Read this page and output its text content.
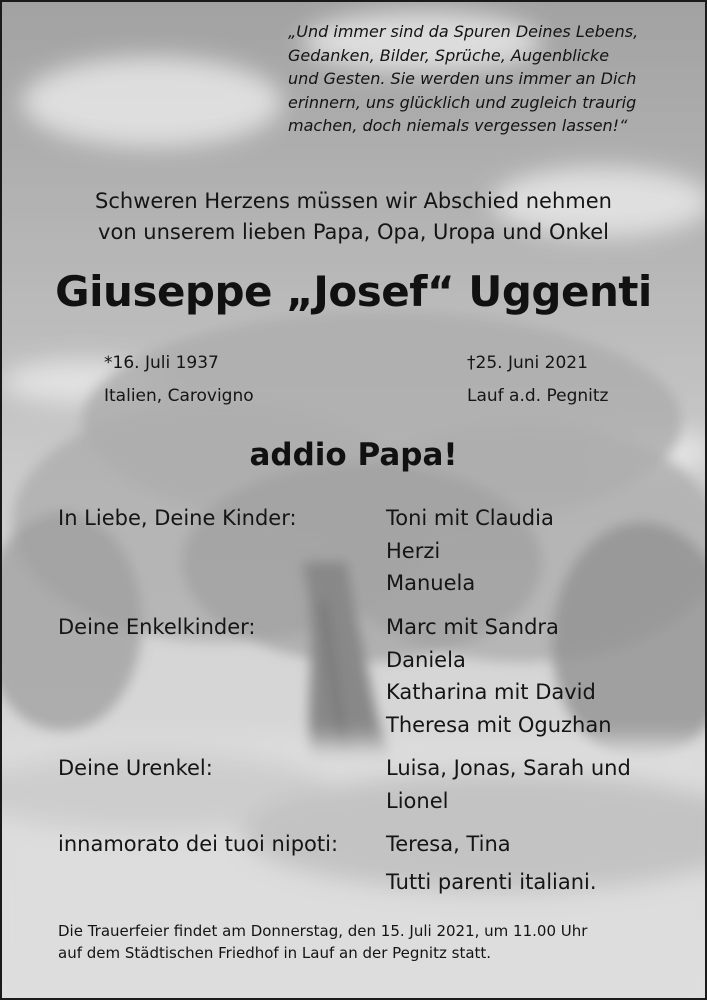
„Und immer sind da Spuren Deines Lebens,
Gedanken, Bilder, Sprüche, Augenblicke
und Gesten. Sie werden uns immer an Dich
erinnern, uns glücklich und zugleich traurig
machen, doch niemals vergessen lassen!“
Schweren Herzens müssen wir Abschied nehmen
von unserem lieben Papa, Opa, Uropa und Onkel
Giuseppe „Josef“ Uggenti
*16. Juli 1937
Italien, Carovigno
†25. Juni 2021
Lauf a.d. Pegnitz
addio Papa!
In Liebe, Deine Kinder:	Toni mit Claudia
Herzi
Manuela
Deine Enkelkinder:	Marc mit Sandra
Daniela
Katharina mit David
Theresa mit Oguzhan
Deine Urenkel:	Luisa, Jonas, Sarah und
Lionel
innamorato dei tuoi nipoti: Teresa, Tina
Tutti parenti italiani.
Die Trauerfeier findet am Donnerstag, den 15. Juli 2021, um 11.00 Uhr
auf dem Städtischen Friedhof in Lauf an der Pegnitz statt.
